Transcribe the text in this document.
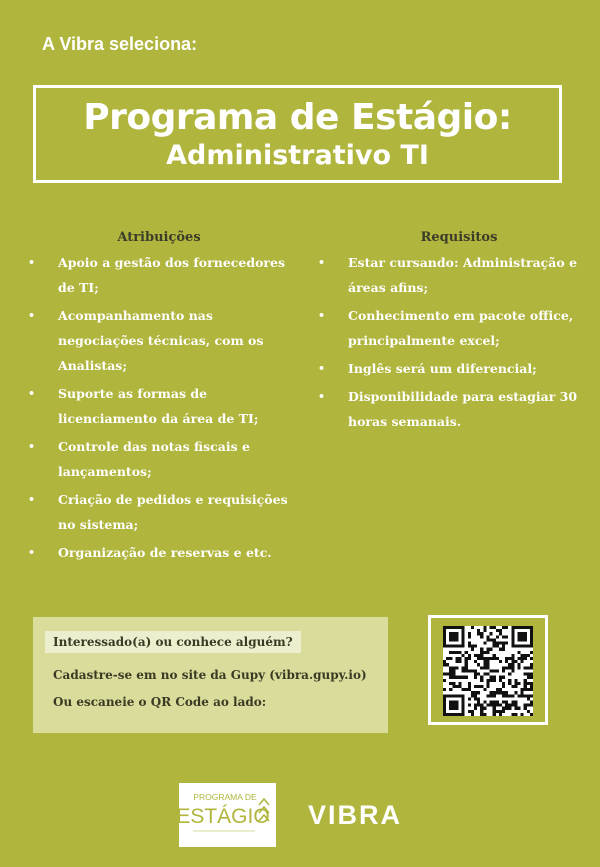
A Vibra seleciona:
Programa de Estágio:
Administrativo TI
Atribuições
• Apoio a gestão dos fornecedores de TI;
• Acompanhamento nas negociações técnicas, com os Analistas;
• Suporte as formas de licenciamento da área de TI;
• Controle das notas fiscais e lançamentos;
• Criação de pedidos e requisições no sistema;
• Organização de reservas e etc.
Requisitos
• Estar cursando: Administração e áreas afins;
• Conhecimento em pacote office, principalmente excel;
• Inglês será um diferencial;
• Disponibilidade para estagiar 30 horas semanais.
Interessado(a) ou conhece alguém?
Cadastre-se em no site da Gupy (vibra.gupy.io)
Ou escaneie o QR Code ao lado:
PROGRAMA DE
ESTÁGIO VIBRA
